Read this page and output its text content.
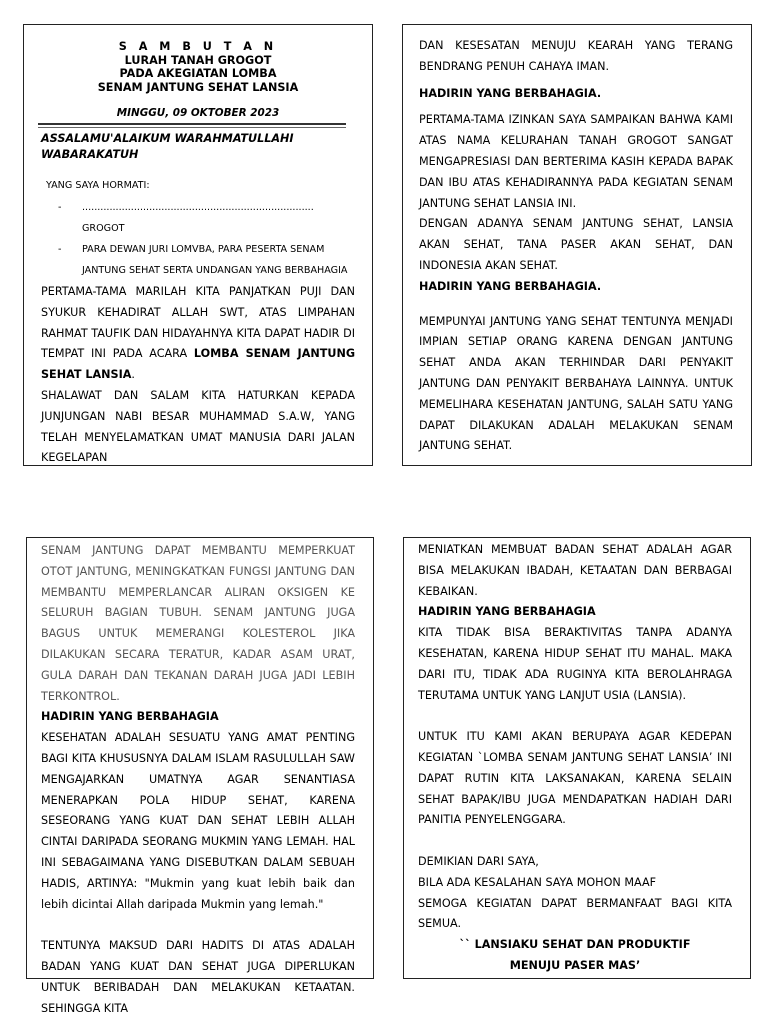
S A M B U T A N
LURAH TANAH GROGOT
PADA AKEGIATAN LOMBA
SENAM JANTUNG SEHAT LANSIA
MINGGU, 09 OKTOBER 2023
ASSALAMU'ALAIKUM WARAHMATULLAHI WABARAKATUH
YANG SAYA HORMATI:
-	............................................................................ GROGOT
-	PARA DEWAN JURI LOMVBA, PARA PESERTA SENAM JANTUNG SEHAT SERTA UNDANGAN YANG BERBAHAGIA

PERTAMA-TAMA MARILAH KITA PANJATKAN PUJI DAN SYUKUR KEHADIRAT ALLAH SWT, ATAS LIMPAHAN RAHMAT TAUFIK DAN HIDAYAHNYA KITA DAPAT HADIR DI TEMPAT INI PADA ACARA LOMBA SENAM JANTUNG SEHAT LANSIA.

SHALAWAT DAN SALAM KITA HATURKAN KEPADA JUNJUNGAN NABI BESAR MUHAMMAD S.A.W, YANG TELAH MENYELAMATKAN UMAT MANUSIA DARI JALAN KEGELAPAN

DAN KESESATAN MENUJU KEARAH YANG TERANG BENDRANG PENUH CAHAYA IMAN.

HADIRIN YANG BERBAHAGIA.

PERTAMA-TAMA IZINKAN SAYA SAMPAIKAN BAHWA KAMI ATAS NAMA KELURAHAN TANAH GROGOT SANGAT MENGAPRESIASI DAN BERTERIMA KASIH KEPADA BAPAK DAN IBU ATAS KEHADIRANNYA PADA KEGIATAN SENAM JANTUNG SEHAT LANSIA INI.

DENGAN ADANYA SENAM JANTUNG SEHAT, LANSIA AKAN SEHAT, TANA PASER AKAN SEHAT, DAN INDONESIA AKAN SEHAT.

HADIRIN YANG BERBAHAGIA.

MEMPUNYAI JANTUNG YANG SEHAT TENTUNYA MENJADI IMPIAN SETIAP ORANG KARENA DENGAN JANTUNG SEHAT ANDA AKAN TERHINDAR DARI PENYAKIT JANTUNG DAN PENYAKIT BERBAHAYA LAINNYA. UNTUK MEMELIHARA KESEHATAN JANTUNG, SALAH SATU YANG DAPAT DILAKUKAN ADALAH MELAKUKAN SENAM JANTUNG SEHAT.

SENAM JANTUNG DAPAT MEMBANTU MEMPERKUAT OTOT JANTUNG, MENINGKATKAN FUNGSI JANTUNG DAN MEMBANTU MEMPERLANCAR ALIRAN OKSIGEN KE SELURUH BAGIAN TUBUH. SENAM JANTUNG JUGA BAGUS UNTUK MEMERANGI KOLESTEROL JIKA DILAKUKAN SECARA TERATUR, KADAR ASAM URAT, GULA DARAH DAN TEKANAN DARAH JUGA JADI LEBIH TERKONTROL.

HADIRIN YANG BERBAHAGIA

KESEHATAN ADALAH SESUATU YANG AMAT PENTING BAGI KITA KHUSUSNYA DALAM ISLAM RASULULLAH SAW MENGAJARKAN UMATNYA AGAR SENANTIASA MENERAPKAN POLA HIDUP SEHAT, KARENA SESEORANG YANG KUAT DAN SEHAT LEBIH ALLAH CINTAI DARIPADA SEORANG MUKMIN YANG LEMAH. HAL INI SEBAGAIMANA YANG DISEBUTKAN DALAM SEBUAH HADIS, ARTINYA: "Mukmin yang kuat lebih baik dan lebih dicintai Allah daripada Mukmin yang lemah."

TENTUNYA MAKSUD DARI HADITS DI ATAS ADALAH BADAN YANG KUAT DAN SEHAT JUGA DIPERLUKAN UNTUK BERIBADAH DAN MELAKUKAN KETAATAN. SEHINGGA KITA

MENIATKAN MEMBUAT BADAN SEHAT ADALAH AGAR BISA MELAKUKAN IBADAH, KETAATAN DAN BERBAGAI KEBAIKAN.

HADIRIN YANG BERBAHAGIA

KITA TIDAK BISA BERAKTIVITAS TANPA ADANYA KESEHATAN, KARENA HIDUP SEHAT ITU MAHAL. MAKA DARI ITU, TIDAK ADA RUGINYA KITA BEROLAHRAGA TERUTAMA UNTUK YANG LANJUT USIA (LANSIA).

UNTUK ITU KAMI AKAN BERUPAYA AGAR KEDEPAN KEGIATAN `LOMBA SENAM JANTUNG SEHAT LANSIA’ INI DAPAT RUTIN KITA LAKSANAKAN, KARENA SELAIN SEHAT BAPAK/IBU JUGA MENDAPATKAN HADIAH DARI PANITIA PENYELENGGARA.

DEMIKIAN DARI SAYA,

BILA ADA KESALAHAN SAYA MOHON MAAF

SEMOGA KEGIATAN DAPAT BERMANFAAT BAGI KITA SEMUA.

`` LANSIAKU SEHAT DAN PRODUKTIF
MENUJU PASER MAS’
